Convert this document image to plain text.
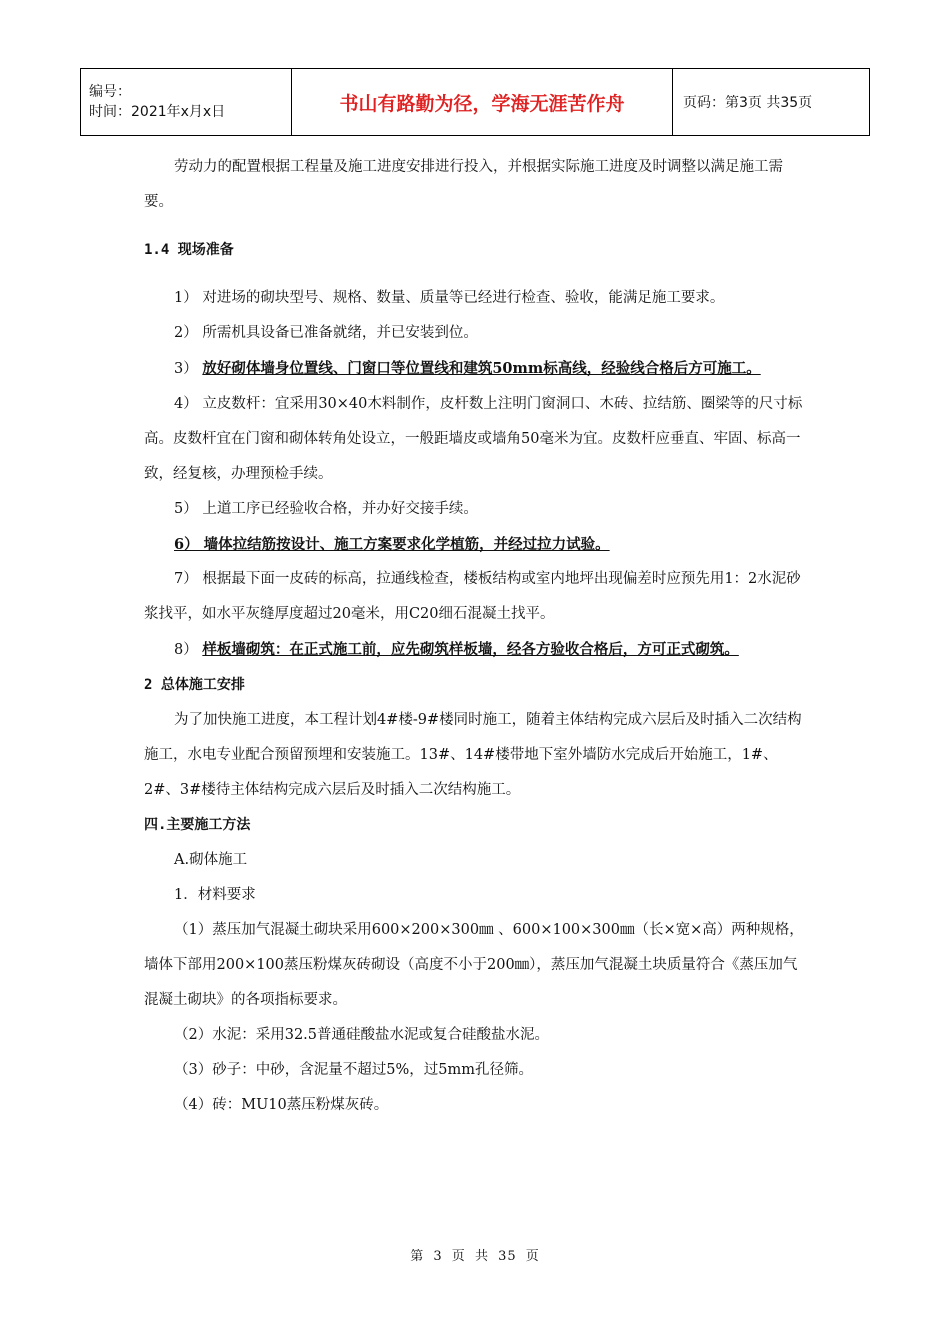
编号：
时间：2021年x月x日	书山有路勤为径，学海无涯苦作舟	页码：第3页 共35页

劳动力的配置根据工程量及施工进度安排进行投入，并根据实际施工进度及时调整以满足施工需要。

1.4 现场准备

1） 对进场的砌块型号、规格、数量、质量等已经进行检查、验收，能满足施工要求。

2） 所需机具设备已准备就绪，并已安装到位。

3） 放好砌体墙身位置线、门窗口等位置线和建筑50mm标高线，经验线合格后方可施工。

4） 立皮数杆：宜采用30×40木料制作，皮杆数上注明门窗洞口、木砖、拉结筋、圈梁等的尺寸标高。皮数杆宜在门窗和砌体转角处设立，一般距墙皮或墙角50毫米为宜。皮数杆应垂直、牢固、标高一致，经复核，办理预检手续。

5） 上道工序已经验收合格，并办好交接手续。

6） 墙体拉结筋按设计、施工方案要求化学植筋，并经过拉力试验。

7） 根据最下面一皮砖的标高，拉通线检查，楼板结构或室内地坪出现偏差时应预先用1：2水泥砂浆找平，如水平灰缝厚度超过20毫米，用C20细石混凝土找平。

8） 样板墙砌筑：在正式施工前，应先砌筑样板墙，经各方验收合格后，方可正式砌筑。

2 总体施工安排

为了加快施工进度，本工程计划4#楼-9#楼同时施工，随着主体结构完成六层后及时插入二次结构施工，水电专业配合预留预埋和安装施工。13#、14#楼带地下室外墙防水完成后开始施工，1#、2#、3#楼待主体结构完成六层后及时插入二次结构施工。

四.主要施工方法

A.砌体施工

1．材料要求

（1）蒸压加气混凝土砌块采用600×200×300㎜ 、600×100×300㎜（长×宽×高）两种规格，墙体下部用200×100蒸压粉煤灰砖砌设（高度不小于200㎜），蒸压加气混凝土块质量符合《蒸压加气混凝土砌块》的各项指标要求。

（2）水泥：采用32.5普通硅酸盐水泥或复合硅酸盐水泥。

（3）砂子：中砂，含泥量不超过5%，过5mm孔径筛。

（4）砖：MU10蒸压粉煤灰砖。

第 3 页 共 35 页
